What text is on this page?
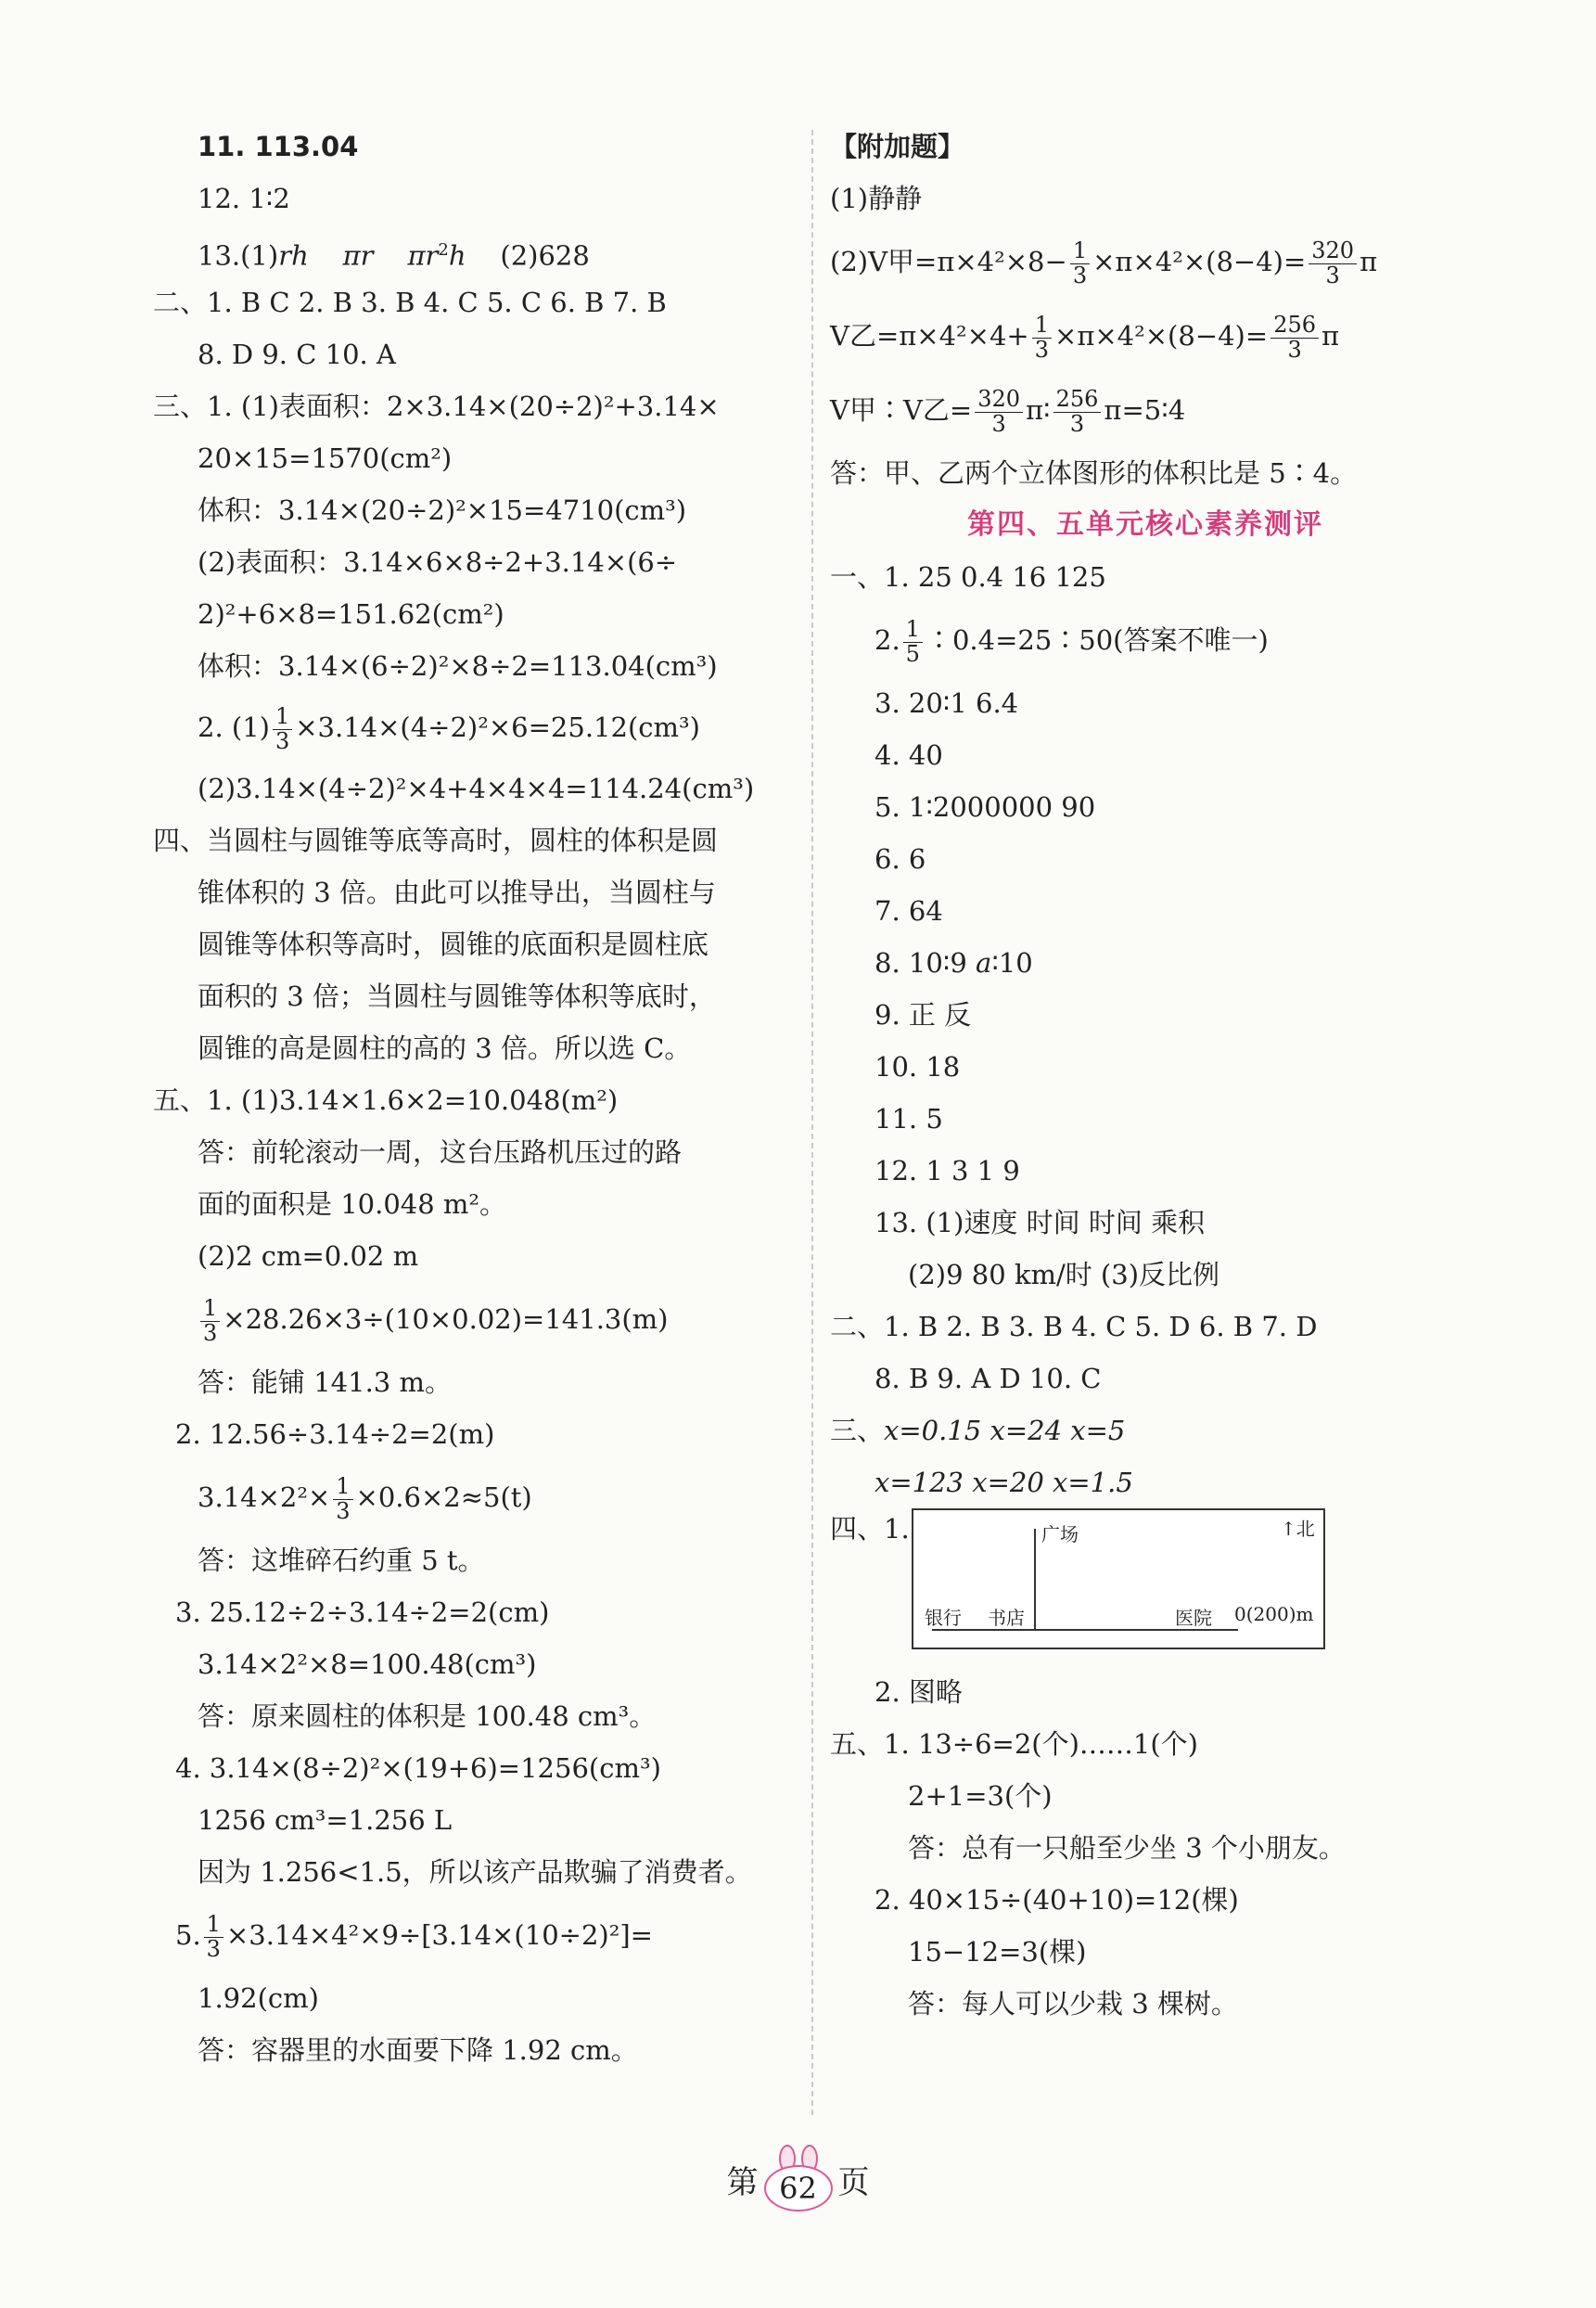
11. 113.04
12. 1∶2
13.(1)rh πr $\pi r^2h$ (2)628
二、1. B C 2. B 3. B 4. C 5. C 6. B 7. B
8. D 9. C 10. A
三、1. (1)表面积：2×3.14×(20÷2)²+3.14×
20×15=1570(cm²)
体积：3.14×(20÷2)²×15=4710(cm³)
(2)表面积：3.14×6×8÷2+3.14×(6÷
2)²+6×8=151.62(cm²)
体积：3.14×(6÷2)²×8÷2=113.04(cm³)
2. $(1) \frac{1}{3} \times 3.14\times(4\div 2)^2\times 6=25.12(cm^3)$
(2)3.14×(4÷2)²×4+4×4×4=114.24(cm³)
四、当圆柱与圆锥等底等高时，圆柱的体积是圆
锥体积的 3 倍。由此可以推导出，当圆柱与
圆锥等体积等高时，圆锥的底面积是圆柱底
面积的 3 倍；当圆柱与圆锥等体积等底时，
圆锥的高是圆柱的高的 3 倍。所以选 C。
五、1. (1)3.14×1.6×2=10.048(m²)
答：前轮滚动一周，这台压路机压过的路
面的面积是 10.048 m²。
(2)2 cm=0.02 m
$\frac{1}{3} \times 28.26\times 3\div(10\times 0.02)=141.3(m)$
答：能铺 141.3 m。
2. 12.56÷3.14÷2=2(m)
$3.14\times 2^2\times \frac{1}{3} \times 0.6\times 2\approx 5(t)$
答：这堆碎石约重 5 t。
3. 25.12÷2÷3.14÷2=2(cm)
3.14×2²×8=100.48(cm³)
答：原来圆柱的体积是 100.48 cm³。
4. 3.14×(8÷2)²×(19+6)=1256(cm³)
1256 cm³=1.256 L
因为 1.256<1.5，所以该产品欺骗了消费者。
5. $\frac{1}{3} \times 3.14\times 4^2\times 9\div[3.14\times(10\div 2)^2]=$
1.92(cm)
答：容器里的水面要下降 1.92 cm。
【附加题】
(1)静静
(2)V甲$=\pi\times 4^2\times 8- \frac{1}{3} \times\pi\times 4^2\times(8-4)= \frac{320}{3}$ π
V乙$=\pi\times 4^2\times 4+ \frac{1}{3} \times\pi\times 4^2\times(8-4)= \frac{256}{3}$ π
V甲∶V乙= $\frac{320}{3}$ π∶ $\frac{256}{3}$ π=5∶4
答：甲、乙两个立体图形的体积比是 5∶4。
第四、五单元核心素养测评
一、1. 25 0.4 16 125
2. $\frac{1}{5}$ ∶0.4=25∶50(答案不唯一)
3. 20∶1 6.4
4. 40
5. 1∶2000000 90
6. 6
7. 64
8. 10∶9 a∶10
9. 正 反
10. 18
11. 5
12. 1 3 1 9
13. (1)速度 时间 时间 乘积
(2)9 80 km/时 (3)反比例
二、1. B 2. B 3. B 4. C 5. D 6. B 7. D
8. B 9. A D 10. C
三、x=0.15 x=24 x=5
x=123 x=20 x=1.5
四、1.	广场	↑北
银行 书店	医院 0(200)m
2. 图略
五、1. 13÷6=2(个)……1(个)
2+1=3(个)
答：总有一只船至少坐 3 个小朋友。
2. 40×15÷(40+10)=12(棵)
15−12=3(棵)
答：每人可以少栽 3 棵树。
第 62 页
